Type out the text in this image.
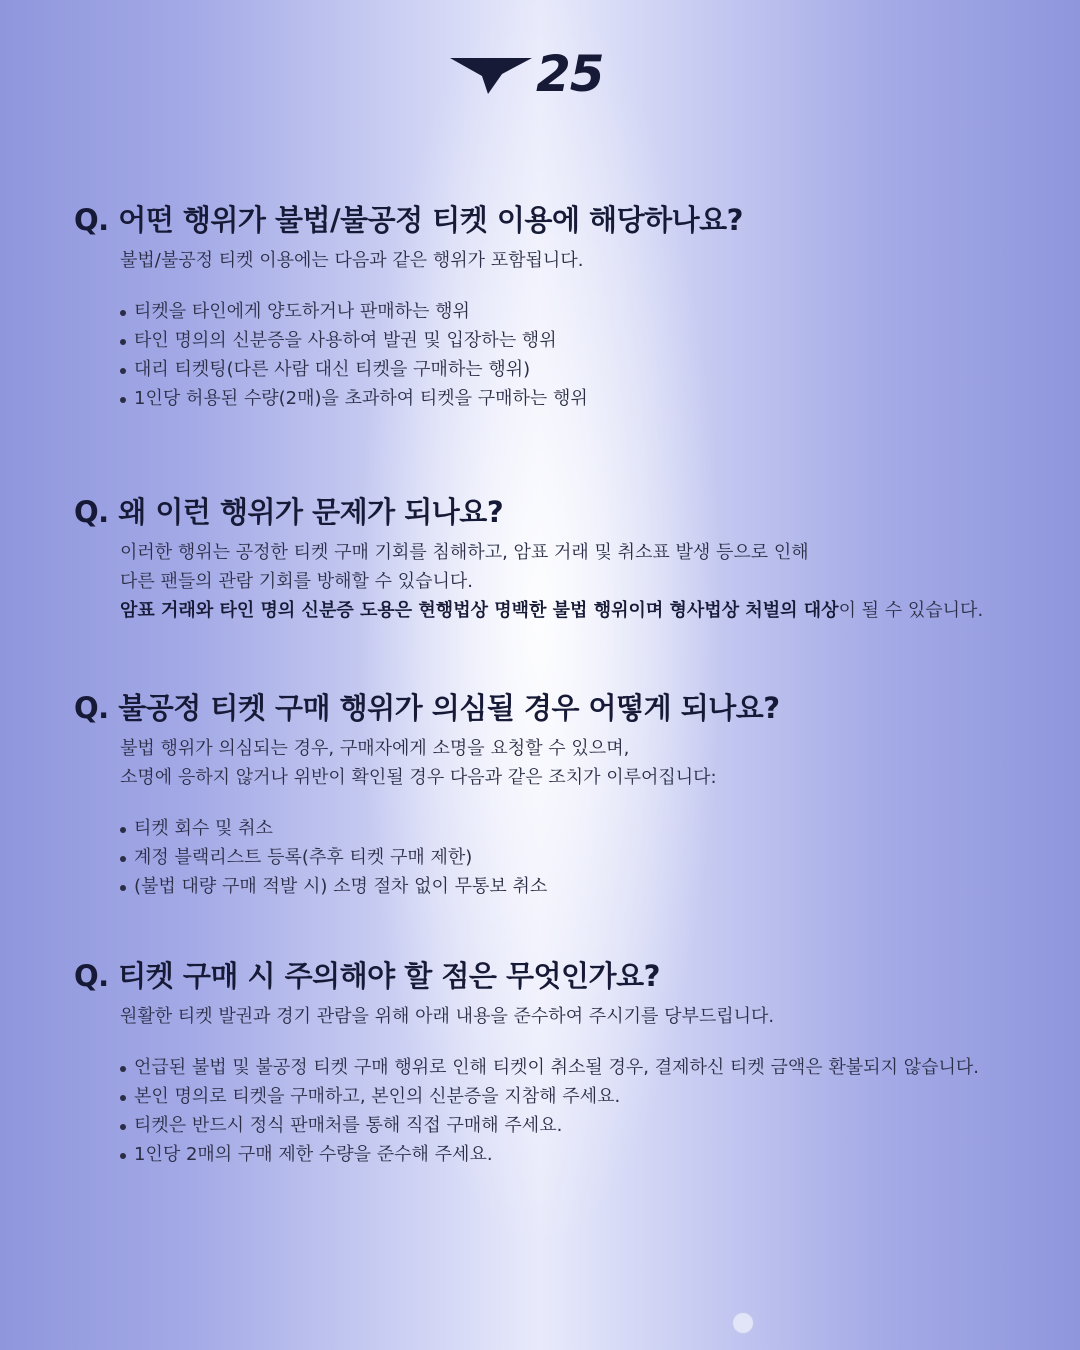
25
Q. 어떤 행위가 불법/불공정 티켓 이용에 해당하나요?

불법/불공정 티켓 이용에는 다음과 같은 행위가 포함됩니다.

티켓을 타인에게 양도하거나 판매하는 행위
타인 명의의 신분증을 사용하여 발권 및 입장하는 행위
대리 티켓팅(다른 사람 대신 티켓을 구매하는 행위)
1인당 허용된 수량(2매)을 초과하여 티켓을 구매하는 행위
Q. 왜 이런 행위가 문제가 되나요?

이러한 행위는 공정한 티켓 구매 기회를 침해하고, 암표 거래 및 취소표 발생 등으로 인해

다른 팬들의 관람 기회를 방해할 수 있습니다.

암표 거래와 타인 명의 신분증 도용은 현행법상 명백한 불법 행위이며 형사법상 처벌의 대상이 될 수 있습니다.

Q. 불공정 티켓 구매 행위가 의심될 경우 어떻게 되나요?

불법 행위가 의심되는 경우, 구매자에게 소명을 요청할 수 있으며,

소명에 응하지 않거나 위반이 확인될 경우 다음과 같은 조치가 이루어집니다:

티켓 회수 및 취소
계정 블랙리스트 등록(추후 티켓 구매 제한)
(불법 대량 구매 적발 시) 소명 절차 없이 무통보 취소
Q. 티켓 구매 시 주의해야 할 점은 무엇인가요?

원활한 티켓 발권과 경기 관람을 위해 아래 내용을 준수하여 주시기를 당부드립니다.

언급된 불법 및 불공정 티켓 구매 행위로 인해 티켓이 취소될 경우, 결제하신 티켓 금액은 환불되지 않습니다.
본인 명의로 티켓을 구매하고, 본인의 신분증을 지참해 주세요.
티켓은 반드시 정식 판매처를 통해 직접 구매해 주세요.
1인당 2매의 구매 제한 수량을 준수해 주세요.
